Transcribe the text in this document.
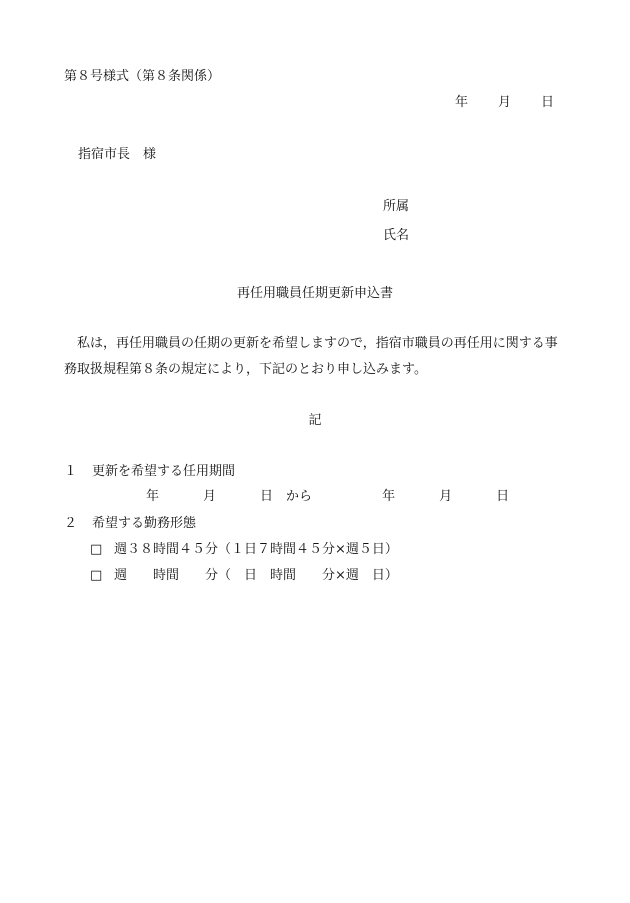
第８号様式（第８条関係）
年 月 日
指宿市長　様
所属
氏名
再任用職員任期更新申込書
私は，再任用職員の任期の更新を希望しますので，指宿市職員の再任用に関する事務取扱規程第８条の規定により，下記のとおり申し込みます。
記
１ 更新を希望する任用期間
年	月	日 から	年	月	日
２ 希望する勤務形態
□ 週３８時間４５分（１日７時間４５分×週５日）
□ 週　　時間　　分（　日　時間　　分×週　日）
